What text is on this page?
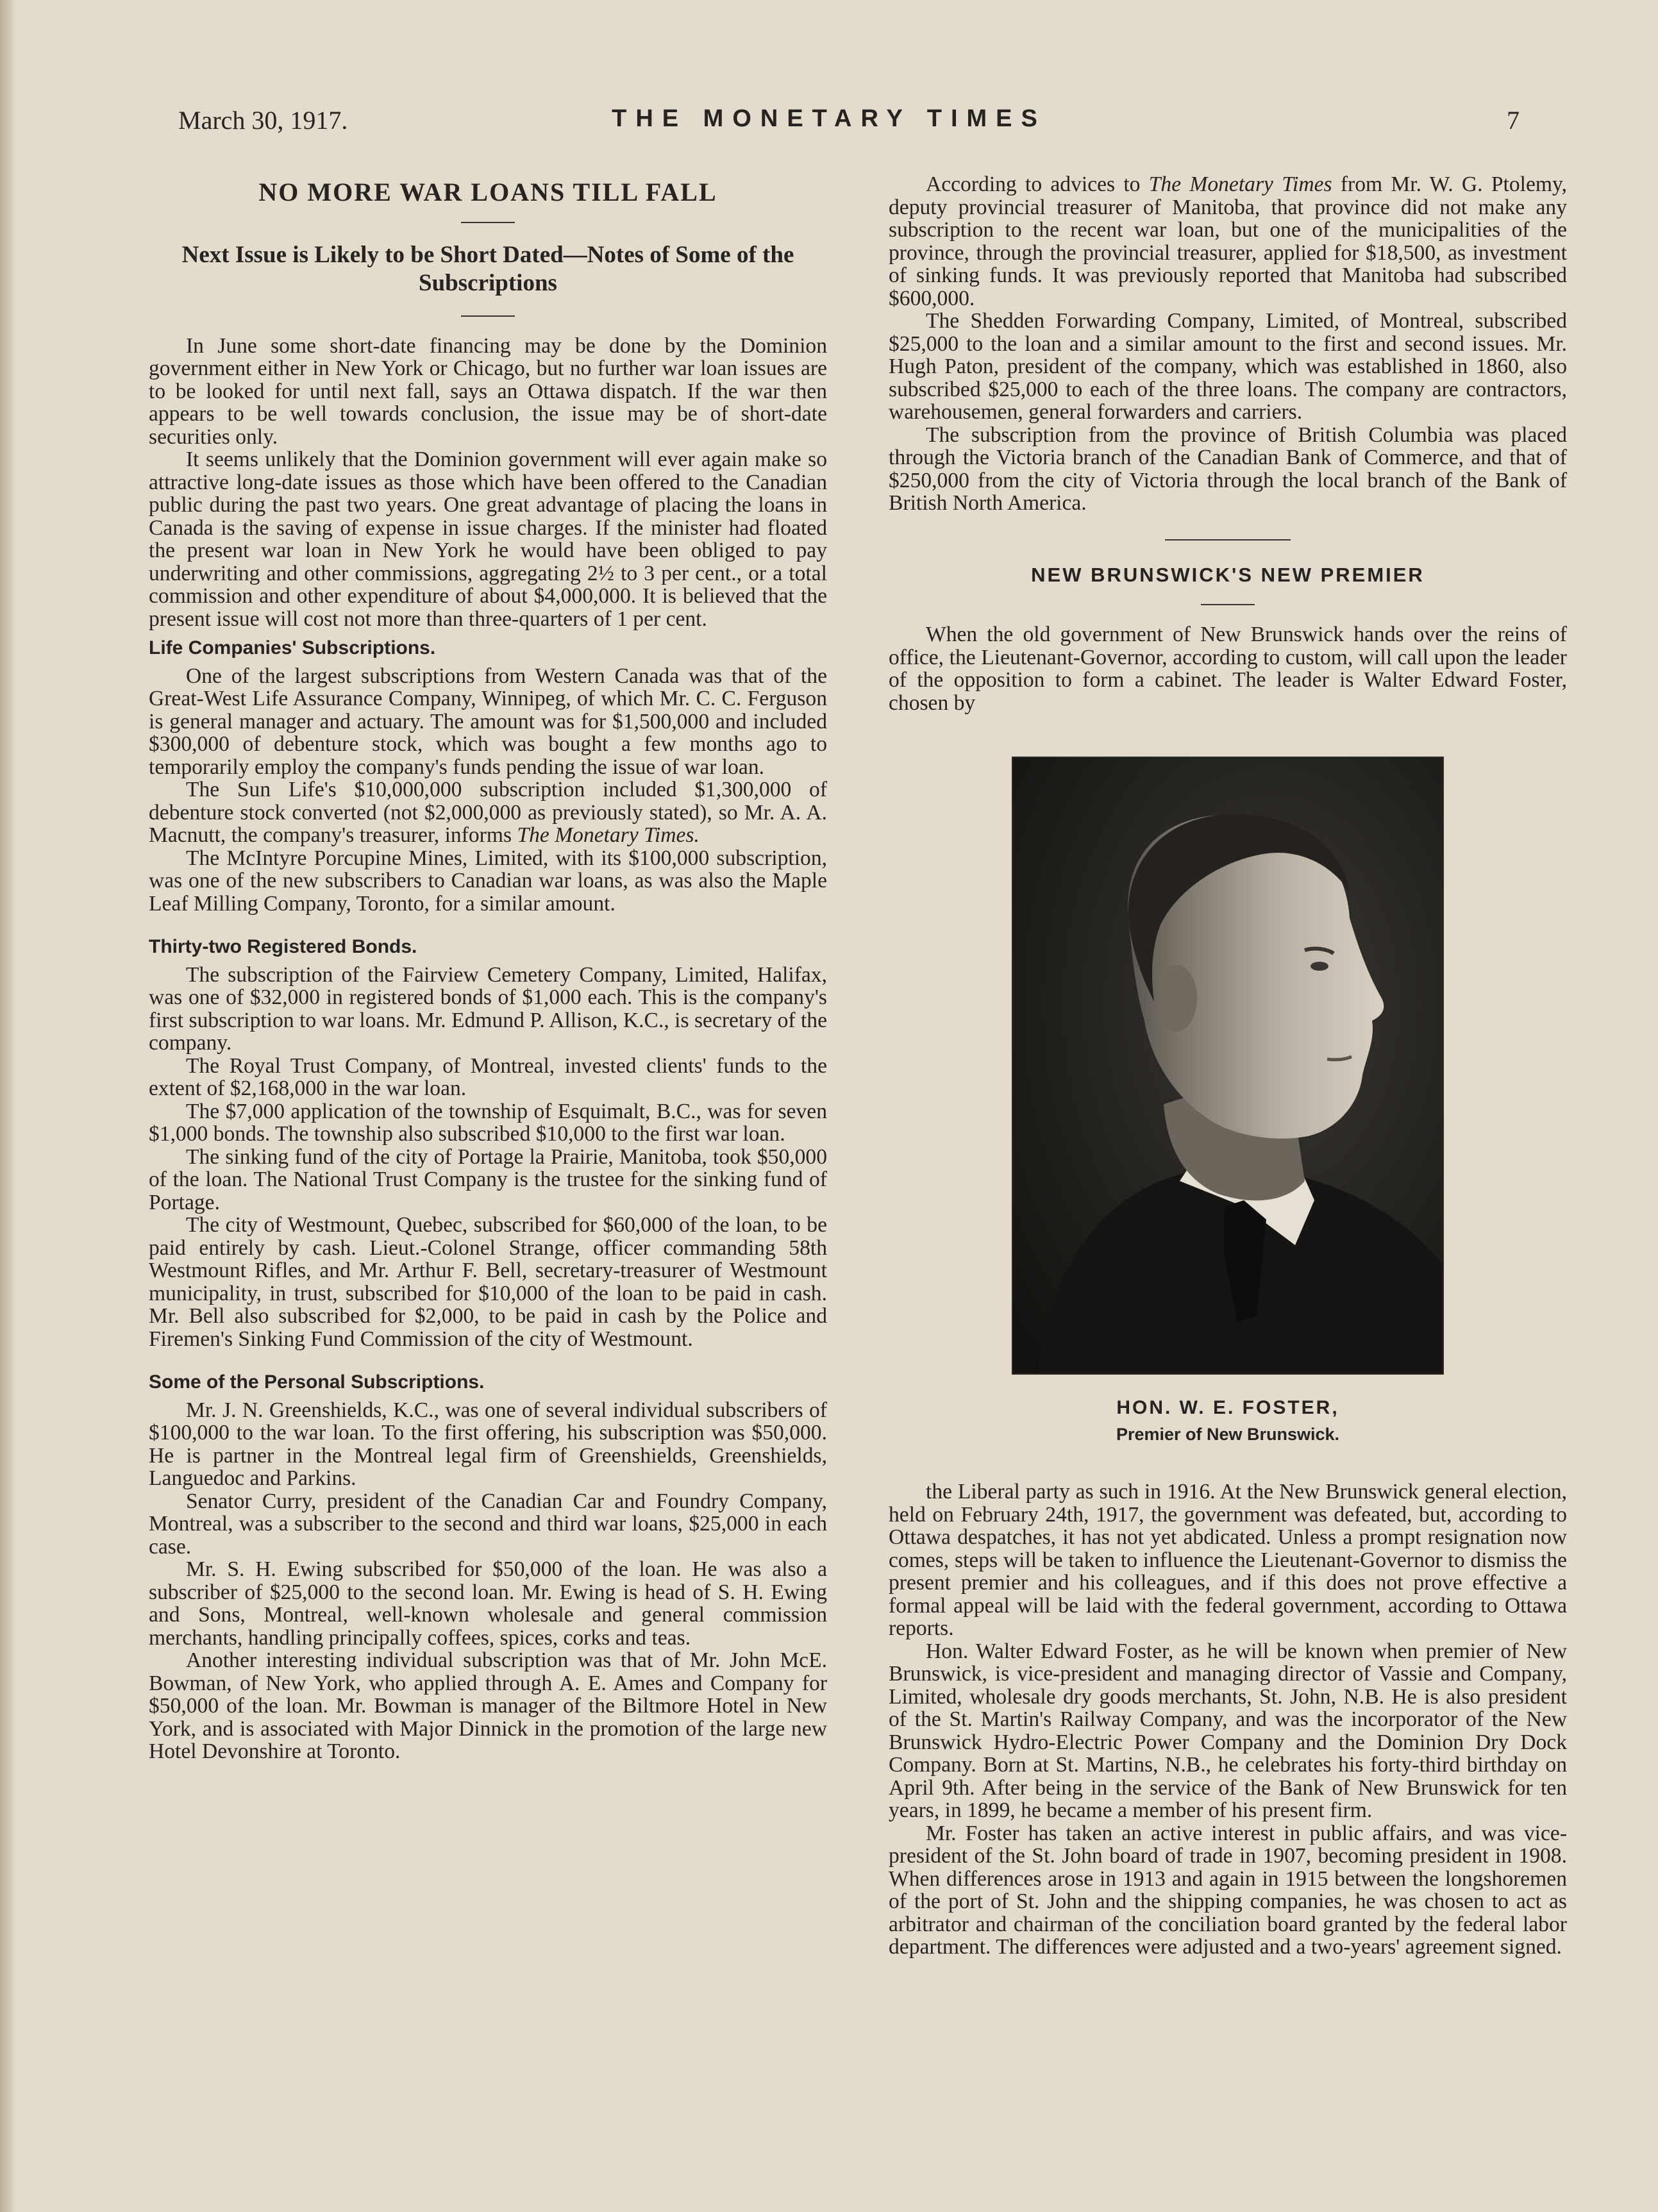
March 30, 1917.	THE MONETARY TIMES	7
NO MORE WAR LOANS TILL FALL
Next Issue is Likely to be Short Dated—Notes of Some of the Subscriptions

In June some short-date financing may be done by the Dominion government either in New York or Chicago, but no further war loan issues are to be looked for until next fall, says an Ottawa dispatch. If the war then appears to be well towards conclusion, the issue may be of short-date securities only.

It seems unlikely that the Dominion government will ever again make so attractive long-date issues as those which have been offered to the Canadian public during the past two years. One great advantage of placing the loans in Canada is the saving of expense in issue charges. If the minister had floated the present war loan in New York he would have been obliged to pay underwriting and other commissions, aggregating 2½ to 3 per cent., or a total commission and other expenditure of about $4,000,000. It is believed that the present issue will cost not more than three-quarters of 1 per cent.

Life Companies' Subscriptions.

One of the largest subscriptions from Western Canada was that of the Great-West Life Assurance Company, Winnipeg, of which Mr. C. C. Ferguson is general manager and actuary. The amount was for $1,500,000 and included $300,000 of debenture stock, which was bought a few months ago to temporarily employ the company's funds pending the issue of war loan.

The Sun Life's $10,000,000 subscription included $1,300,000 of debenture stock converted (not $2,000,000 as previously stated), so Mr. A. A. Macnutt, the company's treasurer, informs The Monetary Times.

The McIntyre Porcupine Mines, Limited, with its $100,000 subscription, was one of the new subscribers to Canadian war loans, as was also the Maple Leaf Milling Company, Toronto, for a similar amount.

Thirty-two Registered Bonds.

The subscription of the Fairview Cemetery Company, Limited, Halifax, was one of $32,000 in registered bonds of $1,000 each. This is the company's first subscription to war loans. Mr. Edmund P. Allison, K.C., is secretary of the company.

The Royal Trust Company, of Montreal, invested clients' funds to the extent of $2,168,000 in the war loan.

The $7,000 application of the township of Esquimalt, B.C., was for seven $1,000 bonds. The township also subscribed $10,000 to the first war loan.

The sinking fund of the city of Portage la Prairie, Manitoba, took $50,000 of the loan. The National Trust Company is the trustee for the sinking fund of Portage.

The city of Westmount, Quebec, subscribed for $60,000 of the loan, to be paid entirely by cash. Lieut.-Colonel Strange, officer commanding 58th Westmount Rifles, and Mr. Arthur F. Bell, secretary-treasurer of Westmount municipality, in trust, subscribed for $10,000 of the loan to be paid in cash. Mr. Bell also subscribed for $2,000, to be paid in cash by the Police and Firemen's Sinking Fund Commission of the city of Westmount.

Some of the Personal Subscriptions.

Mr. J. N. Greenshields, K.C., was one of several individual subscribers of $100,000 to the war loan. To the first offering, his subscription was $50,000. He is partner in the Montreal legal firm of Greenshields, Greenshields, Languedoc and Parkins.

Senator Curry, president of the Canadian Car and Foundry Company, Montreal, was a subscriber to the second and third war loans, $25,000 in each case.

Mr. S. H. Ewing subscribed for $50,000 of the loan. He was also a subscriber of $25,000 to the second loan. Mr. Ewing is head of S. H. Ewing and Sons, Montreal, well-known wholesale and general commission merchants, handling principally coffees, spices, corks and teas.

Another interesting individual subscription was that of Mr. John McE. Bowman, of New York, who applied through A. E. Ames and Company for $50,000 of the loan. Mr. Bowman is manager of the Biltmore Hotel in New York, and is associated with Major Dinnick in the promotion of the large new Hotel Devonshire at Toronto.

According to advices to The Monetary Times from Mr. W. G. Ptolemy, deputy provincial treasurer of Manitoba, that province did not make any subscription to the recent war loan, but one of the municipalities of the province, through the provincial treasurer, applied for $18,500, as investment of sinking funds. It was previously reported that Manitoba had subscribed $600,000.

The Shedden Forwarding Company, Limited, of Montreal, subscribed $25,000 to the loan and a similar amount to the first and second issues. Mr. Hugh Paton, president of the company, which was established in 1860, also subscribed $25,000 to each of the three loans. The company are contractors, warehousemen, general forwarders and carriers.

The subscription from the province of British Columbia was placed through the Victoria branch of the Canadian Bank of Commerce, and that of $250,000 from the city of Victoria through the local branch of the Bank of British North America.

NEW BRUNSWICK'S NEW PREMIER

When the old government of New Brunswick hands over the reins of office, the Lieutenant-Governor, according to custom, will call upon the leader of the opposition to form a cabinet. The leader is Walter Edward Foster, chosen by

HON. W. E. FOSTER,
Premier of New Brunswick.

the Liberal party as such in 1916. At the New Brunswick general election, held on February 24th, 1917, the government was defeated, but, according to Ottawa despatches, it has not yet abdicated. Unless a prompt resignation now comes, steps will be taken to influence the Lieutenant-Governor to dismiss the present premier and his colleagues, and if this does not prove effective a formal appeal will be laid with the federal government, according to Ottawa reports.

Hon. Walter Edward Foster, as he will be known when premier of New Brunswick, is vice-president and managing director of Vassie and Company, Limited, wholesale dry goods merchants, St. John, N.B. He is also president of the St. Martin's Railway Company, and was the incorporator of the New Brunswick Hydro-Electric Power Company and the Dominion Dry Dock Company. Born at St. Martins, N.B., he celebrates his forty-third birthday on April 9th. After being in the service of the Bank of New Brunswick for ten years, in 1899, he became a member of his present firm.

Mr. Foster has taken an active interest in public affairs, and was vice-president of the St. John board of trade in 1907, becoming president in 1908. When differences arose in 1913 and again in 1915 between the longshoremen of the port of St. John and the shipping companies, he was chosen to act as arbitrator and chairman of the conciliation board granted by the federal labor department. The differences were adjusted and a two-years' agreement signed.
